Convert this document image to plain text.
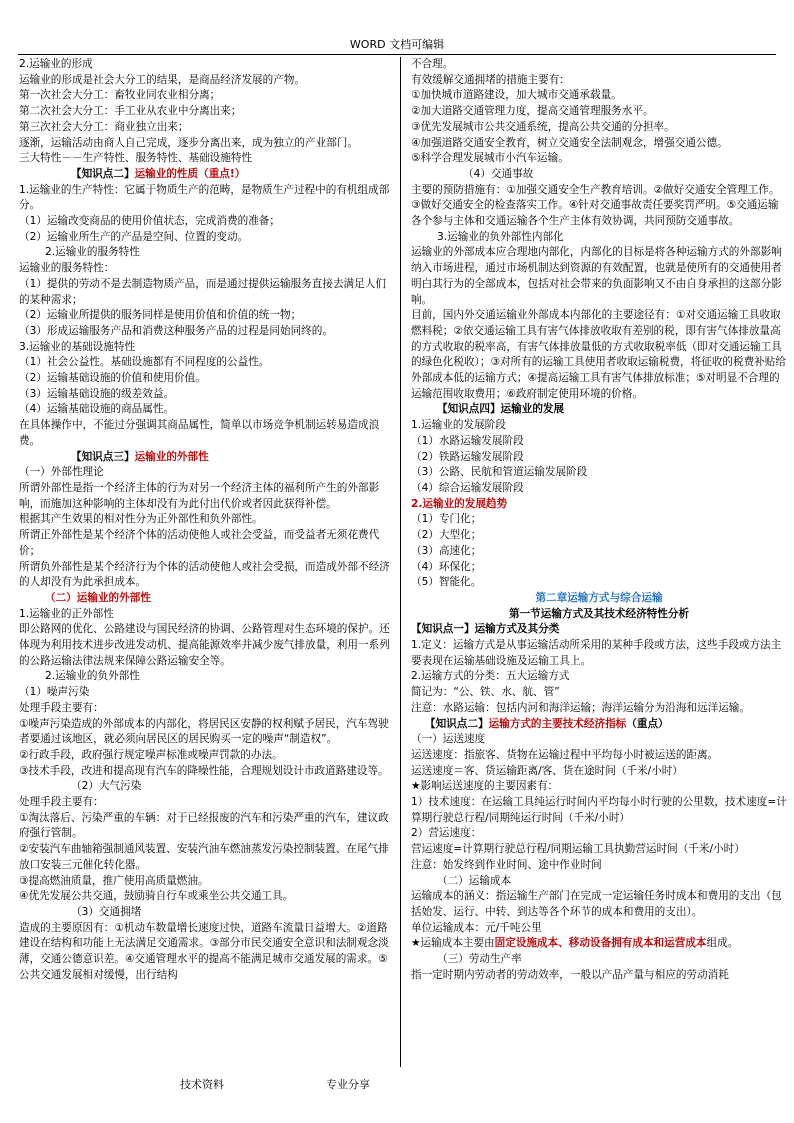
WORD 文档可编辑
2.运输业的形成
运输业的形成是社会大分工的结果，是商品经济发展的产物。
第一次社会大分工：畜牧业同农业相分离；
第二次社会大分工：手工业从农业中分离出来；
第三次社会大分工：商业独立出来；
逐渐，运输活动由商人自己完成，逐步分离出来，成为独立的产业部门。
三大特性－－生产特性、服务特性、基础设施特性
【知识点二】运输业的性质（重点!）
1.运输业的生产特性：它属于物质生产的范畴，是物质生产过程中的有机组成部分。
（1）运输改变商品的使用价值状态，完成消费的准备；
（2）运输业所生产的产品是空间、位置的变动。
2.运输业的服务特性
运输业的服务特性：
（1）提供的劳动不是去制造物质产品，而是通过提供运输服务直接去满足人们的某种需求；
（2）运输业所提供的服务同样是使用价值和价值的统一物；
（3）形成运输服务产品和消费这种服务产品的过程是同始同终的。
3.运输业的基础设施特性
（1）社会公益性。基础设施都有不同程度的公益性。
（2）运输基础设施的价值和使用价值。
（3）运输基础设施的级差效益。
（4）运输基础设施的商品属性。
在具体操作中，不能过分强调其商品属性，简单以市场竞争机制运转易造成浪费。
【知识点三】运输业的外部性
（一）外部性理论
所谓外部性是指一个经济主体的行为对另一个经济主体的福利所产生的外部影响，而施加这种影响的主体却没有为此付出代价或者因此获得补偿。
根据其产生效果的相对性分为正外部性和负外部性。
所谓正外部性是某个经济个体的活动使他人或社会受益，而受益者无须花费代价；
所谓负外部性是某个经济行为个体的活动使他人或社会受损，而造成外部不经济的人却没有为此承担成本。
（二）运输业的外部性
1.运输业的正外部性
即公路网的优化、公路建设与国民经济的协调、公路管理对生态环境的保护。还体现为利用技术进步改进发动机、提高能源效率并减少废气排放量，利用一系列的公路运输法律法规来保障公路运输安全等。
2.运输业的负外部性
（1）噪声污染
处理手段主要有：
①噪声污染造成的外部成本的内部化，将居民区安静的权利赋予居民，汽车驾驶者要通过该地区，就必须向居民区的居民购买一定的噪声“制造权”。
②行政手段，政府强行规定噪声标准或噪声罚款的办法。
③技术手段，改进和提高现有汽车的降噪性能，合理规划设计市政道路建设等。
（2）大气污染
处理手段主要有：
①淘汰落后、污染严重的车辆：对于已经报废的汽车和污染严重的汽车，建议政府强行管制。
②安装汽车曲轴箱强制通风装置、安装汽油车燃油蒸发污染控制装置、在尾气排放口安装三元催化转化器。
③提高燃油质量，推广使用高质量燃油。
④优先发展公共交通，鼓励骑自行车或乘坐公共交通工具。
（3）交通拥堵
造成的主要原因有：①机动车数量增长速度过快，道路车流量日益增大。②道路建设在结构和功能上无法满足交通需求。③部分市民交通安全意识和法制观念淡薄，交通公德意识差。④交通管理水平的提高不能满足城市交通发展的需求。⑤公共交通发展相对缓慢，出行结构
不合理。
有效缓解交通拥堵的措施主要有：
①加快城市道路建设，加大城市交通承载量。
②加大道路交通管理力度，提高交通管理服务水平。
③优先发展城市公共交通系统，提高公共交通的分担率。
④加强道路交通安全教育，树立交通安全法制观念，增强交通公德。
⑤科学合理发展城市小汽车运输。
（4）交通事故
主要的预防措施有：①加强交通安全生产教育培训。②做好交通安全管理工作。③做好交通安全的检查落实工作。④针对交通事故责任要奖罚严明。⑤交通运输各个参与主体和交通运输各个生产主体有效协调，共同预防交通事故。
3.运输业的负外部性内部化
运输业的外部成本应合理地内部化，内部化的目标是将各种运输方式的外部影响纳入市场进程，通过市场机制达到资源的有效配置，也就是使所有的交通使用者明白其行为的全部成本，包括对社会带来的负面影响又不由自身承担的这部分影响。
目前，国内外交通运输业外部成本内部化的主要途径有：①对交通运输工具收取燃料税；②依交通运输工具有害气体排放收取有差别的税，即有害气体排放量高的方式收取的税率高，有害气体排放量低的方式收取税率低（即对交通运输工具的绿色化税收）；③对所有的运输工具使用者收取运输税费，将征收的税费补贴给外部成本低的运输方式；④提高运输工具有害气体排放标准；⑤对明显不合理的运输范围收取费用；⑥政府制定使用环境的价格。
【知识点四】运输业的发展
1.运输业的发展阶段
（1）水路运输发展阶段
（2）铁路运输发展阶段
（3）公路、民航和管道运输发展阶段
（4）综合运输发展阶段
2.运输业的发展趋势
（1）专门化；
（2）大型化；
（3）高速化；
（4）环保化；
（5）智能化。
第二章运输方式与综合运输
第一节运输方式及其技术经济特性分析
【知识点一】运输方式及其分类
1.定义：运输方式是从事运输活动所采用的某种手段或方法，这些手段或方法主要表现在运输基础设施及运输工具上。
2.运输方式的分类：五大运输方式
简记为：“公、铁、水、航、管”
注意：水路运输：包括内河和海洋运输；海洋运输分为沿海和远洋运输。
【知识点二】运输方式的主要技术经济指标（重点）
（一）运送速度
运送速度：指旅客、货物在运输过程中平均每小时被运送的距离。
运送速度＝客、货运输距离/客、货在途时间（千米/小时）
★影响运送速度的主要因素有：
1）技术速度：在运输工具纯运行时间内平均每小时行驶的公里数，技术速度=计算期行驶总行程/同期纯运行时间（千米/小时）
2）营运速度：
营运速度=计算期行驶总行程/同期运输工具执勤营运时间（千米/小时）
注意：始发终到作业时间、途中作业时间
（二）运输成本
运输成本的涵义：指运输生产部门在完成一定运输任务时成本和费用的支出（包括始发、运行、中转、到达等各个环节的成本和费用的支出）。
单位运输成本：元/千吨公里
★运输成本主要由固定设施成本、移动设备拥有成本和运营成本组成。
（三）劳动生产率
指一定时期内劳动者的劳动效率，一般以产品产量与相应的劳动消耗
技术资料	专业分享
